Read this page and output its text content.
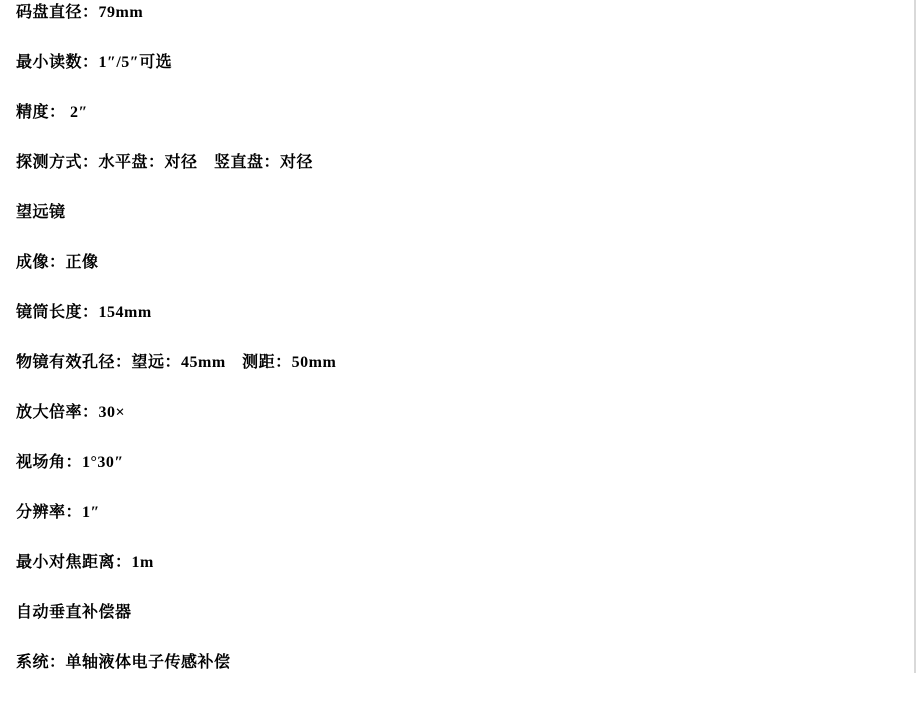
码盘直径：79mm

最小读数：1″/5″可选

精度： 2″

探测方式：水平盘：对径　竖直盘：对径

望远镜

成像：正像

镜筒长度：154mm

物镜有效孔径：望远：45mm　测距：50mm

放大倍率：30×

视场角：1°30″

分辨率：1″

最小对焦距离：1m

自动垂直补偿器

系统：单轴液体电子传感补偿
